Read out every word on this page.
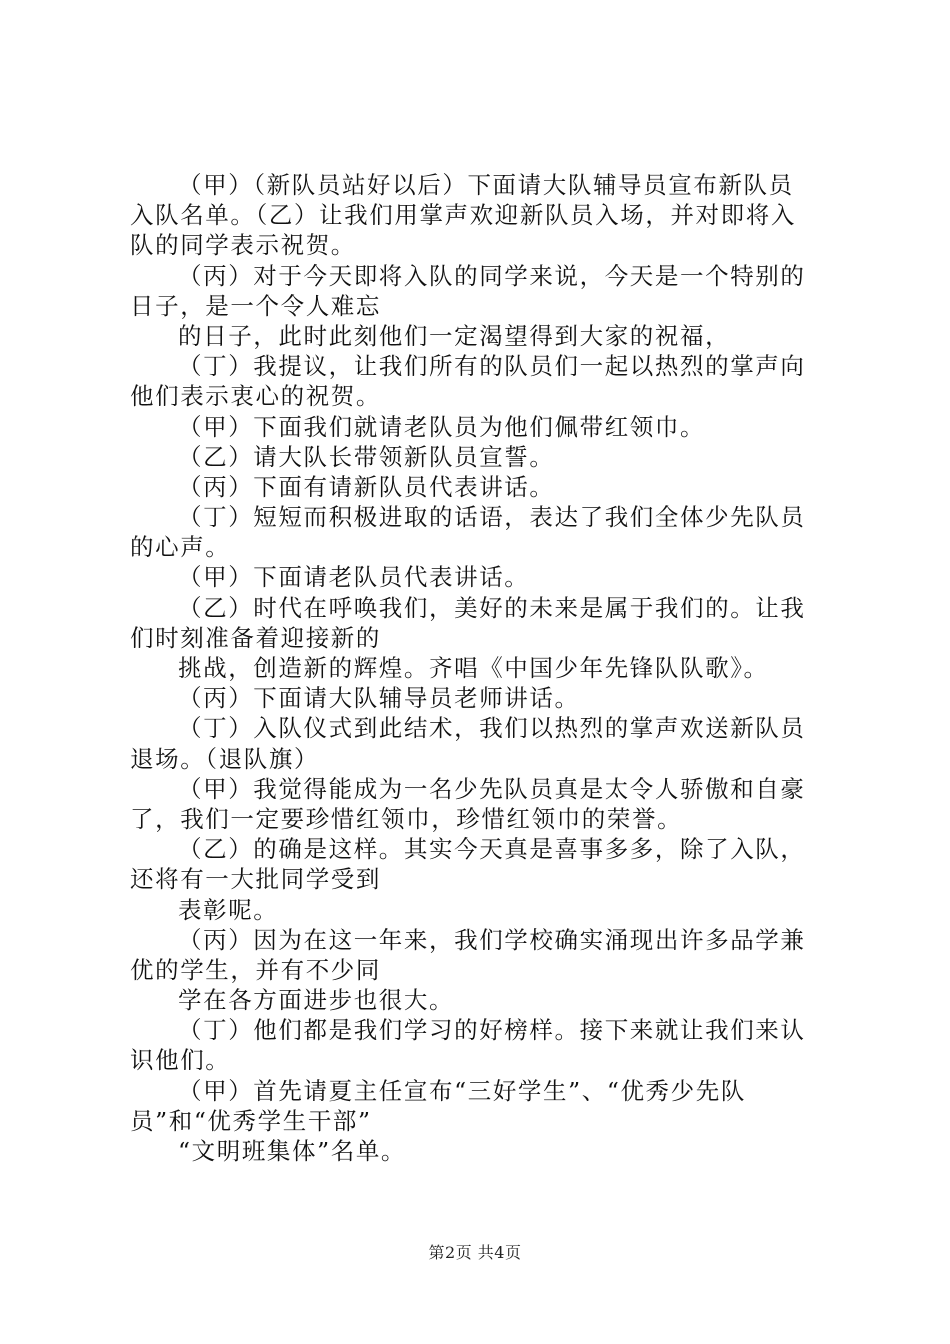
（甲）（新队员站好以后）下面请大队辅导员宣布新队员
入队名单。（乙）让我们用掌声欢迎新队员入场，并对即将入
队的同学表示祝贺。
（丙）对于今天即将入队的同学来说，今天是一个特别的
日子，是一个令人难忘
的日子，此时此刻他们一定渴望得到大家的祝福，
（丁）我提议，让我们所有的队员们一起以热烈的掌声向
他们表示衷心的祝贺。
（甲）下面我们就请老队员为他们佩带红领巾。
（乙）请大队长带领新队员宣誓。
（丙）下面有请新队员代表讲话。
（丁）短短而积极进取的话语，表达了我们全体少先队员
的心声。
（甲）下面请老队员代表讲话。
（乙）时代在呼唤我们，美好的未来是属于我们的。让我
们时刻准备着迎接新的
挑战，创造新的辉煌。齐唱《中国少年先锋队队歌》。
（丙）下面请大队辅导员老师讲话。
（丁）入队仪式到此结术，我们以热烈的掌声欢送新队员
退场。（退队旗）
（甲）我觉得能成为一名少先队员真是太令人骄傲和自豪
了，我们一定要珍惜红领巾，珍惜红领巾的荣誉。
（乙）的确是这样。其实今天真是喜事多多，除了入队，
还将有一大批同学受到
表彰呢。
（丙）因为在这一年来，我们学校确实涌现出许多品学兼
优的学生，并有不少同
学在各方面进步也很大。
（丁）他们都是我们学习的好榜样。接下来就让我们来认
识他们。
（甲）首先请夏主任宣布“三好学生”、“优秀少先队
员”和“优秀学生干部”
“文明班集体”名单。
第2页 共4页
